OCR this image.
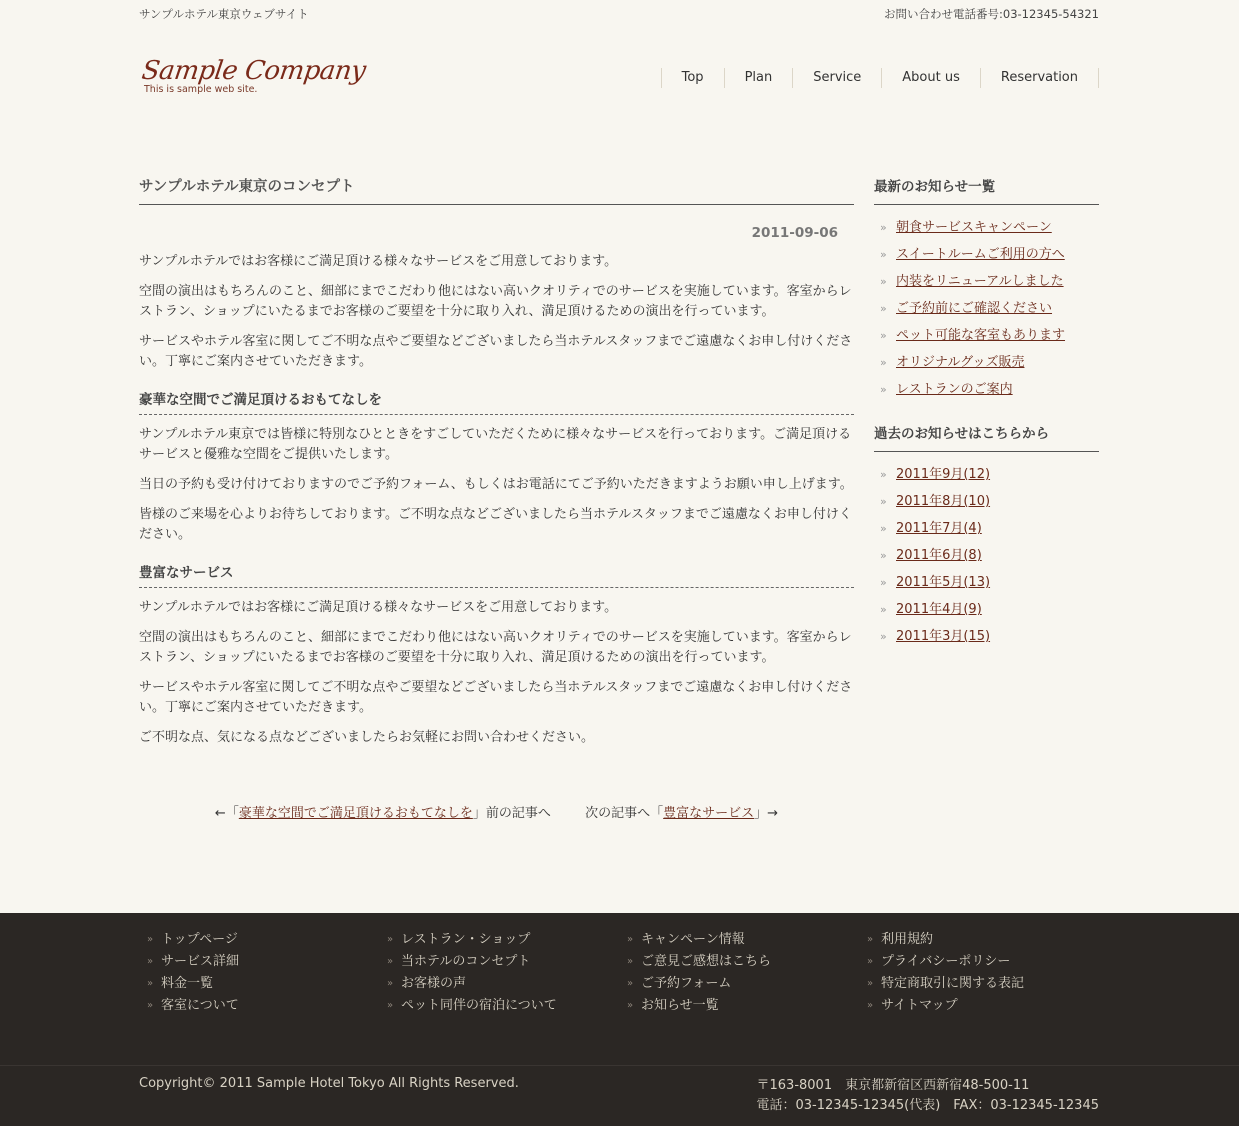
サンプルホテル東京ウェブサイト	お問い合わせ電話番号:03-12345-54321
Sample Company
This is sample web site.
Top	Plan	Service	About us	Reservation
サンプルホテル東京のコンセプト
2011-09-06

サンプルホテルではお客様にご満足頂ける様々なサービスをご用意しております。

空間の演出はもちろんのこと、細部にまでこだわり他にはない高いクオリティでのサービスを実施しています。客室からレストラン、ショップにいたるまでお客様のご要望を十分に取り入れ、満足頂けるための演出を行っています。

サービスやホテル客室に関してご不明な点やご要望などございましたら当ホテルスタッフまでご遠慮なくお申し付けください。丁寧にご案内させていただきます。

豪華な空間でご満足頂けるおもてなしを

サンプルホテル東京では皆様に特別なひとときをすごしていただくために様々なサービスを行っております。ご満足頂けるサービスと優雅な空間をご提供いたします。

当日の予約も受け付けておりますのでご予約フォーム、もしくはお電話にてご予約いただきますようお願い申し上げます。

皆様のご来場を心よりお待ちしております。ご不明な点などございましたら当ホテルスタッフまでご遠慮なくお申し付けください。

豊富なサービス

サンプルホテルではお客様にご満足頂ける様々なサービスをご用意しております。

空間の演出はもちろんのこと、細部にまでこだわり他にはない高いクオリティでのサービスを実施しています。客室からレストラン、ショップにいたるまでお客様のご要望を十分に取り入れ、満足頂けるための演出を行っています。

サービスやホテル客室に関してご不明な点やご要望などございましたら当ホテルスタッフまでご遠慮なくお申し付けください。丁寧にご案内させていただきます。

ご不明な点、気になる点などございましたらお気軽にお問い合わせください。

←「豪華な空間でご満足頂けるおもてなしを」前の記事へ	次の記事へ「豊富なサービス」→
最新のお知らせ一覧
» 朝食サービスキャンペーン
» スイートルームご利用の方へ
» 内装をリニューアルしました
» ご予約前にご確認ください
» ペット可能な客室もあります
» オリジナルグッズ販売
» レストランのご案内
過去のお知らせはこちらから
» 2011年9月(12)
» 2011年8月(10)
» 2011年7月(4)
» 2011年6月(8)
» 2011年5月(13)
» 2011年4月(9)
» 2011年3月(15)
» トップページ
» サービス詳細
» 料金一覧
» 客室について
» レストラン・ショップ
» 当ホテルのコンセプト
» お客様の声
» ペット同伴の宿泊について
» キャンペーン情報
» ご意見ご感想はこちら
» ご予約フォーム
» お知らせ一覧
» 利用規約
» プライバシーポリシー
» 特定商取引に関する表記
» サイトマップ
Copyright© 2011 Sample Hotel Tokyo All Rights Reserved.	〒163-8001　東京都新宿区西新宿48-500-11
電話：03-12345-12345(代表)　FAX：03-12345-12345
